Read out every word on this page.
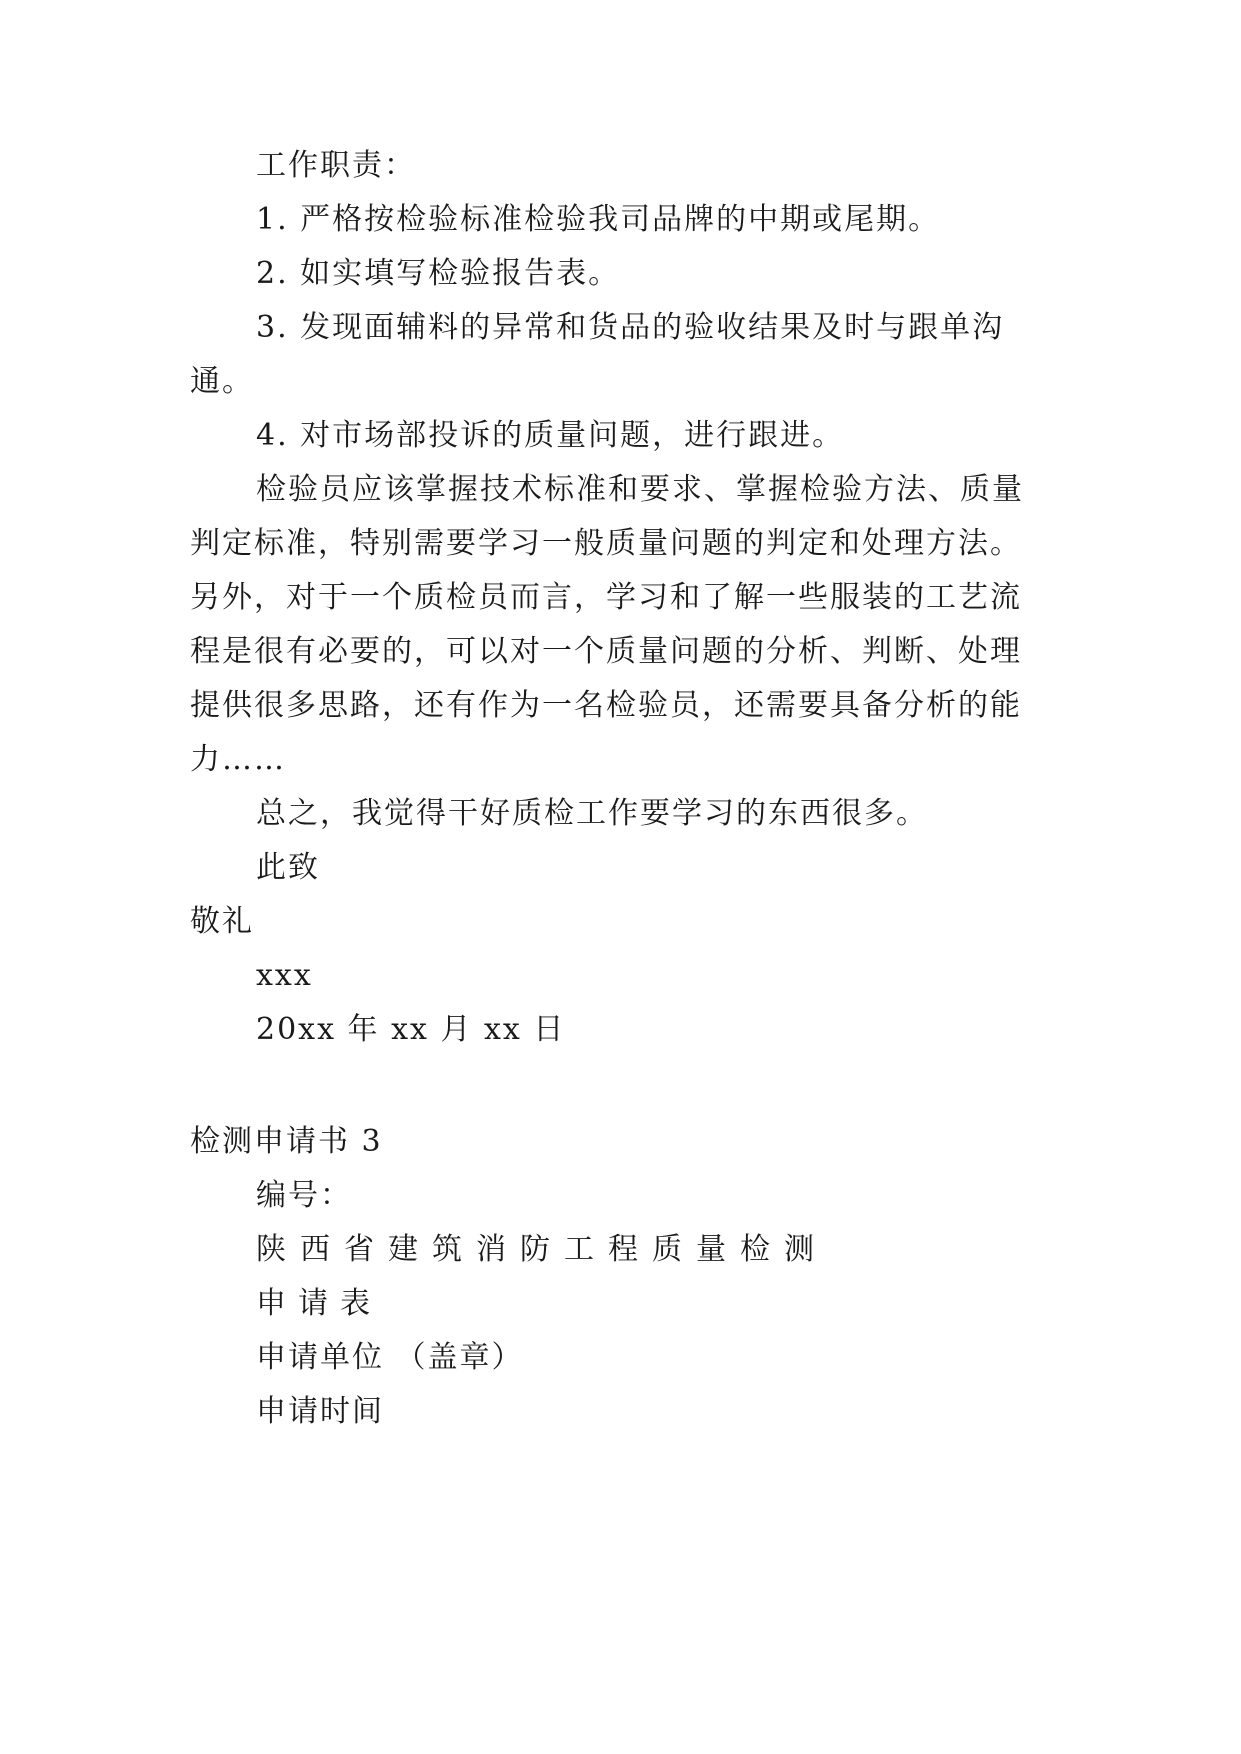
工作职责：
1. 严格按检验标准检验我司品牌的中期或尾期。
2. 如实填写检验报告表。
3. 发现面辅料的异常和货品的验收结果及时与跟单沟
通。
4. 对市场部投诉的质量问题，进行跟进。
检验员应该掌握技术标准和要求、掌握检验方法、质量
判定标准，特别需要学习一般质量问题的判定和处理方法。
另外，对于一个质检员而言，学习和了解一些服装的工艺流
程是很有必要的，可以对一个质量问题的分析、判断、处理
提供很多思路，还有作为一名检验员，还需要具备分析的能
力……
总之，我觉得干好质检工作要学习的东西很多。
此致
敬礼
xxx
20xx 年 xx 月 xx 日
检测申请书 3
编号：
陕西省建筑消防工程质量检测
申请表
申请单位 （盖章）
申请时间
